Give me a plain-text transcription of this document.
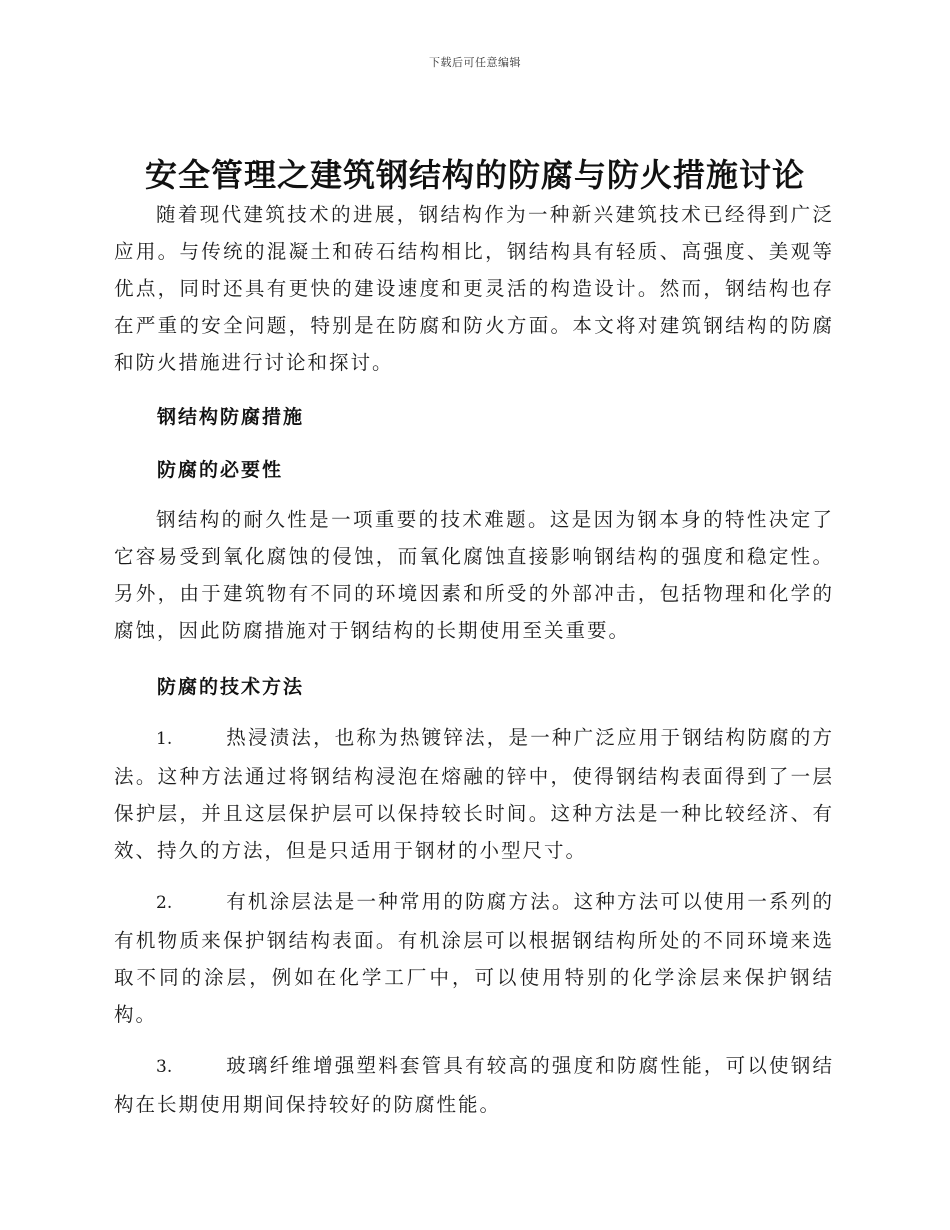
下载后可任意编辑
安全管理之建筑钢结构的防腐与防火措施讨论

随着现代建筑技术的进展，钢结构作为一种新兴建筑技术已经得到广泛应用。与传统的混凝土和砖石结构相比，钢结构具有轻质、高强度、美观等优点，同时还具有更快的建设速度和更灵活的构造设计。然而，钢结构也存在严重的安全问题，特别是在防腐和防火方面。本文将对建筑钢结构的防腐和防火措施进行讨论和探讨。

钢结构防腐措施

防腐的必要性

钢结构的耐久性是一项重要的技术难题。这是因为钢本身的特性决定了它容易受到氧化腐蚀的侵蚀，而氧化腐蚀直接影响钢结构的强度和稳定性。另外，由于建筑物有不同的环境因素和所受的外部冲击，包括物理和化学的腐蚀，因此防腐措施对于钢结构的长期使用至关重要。

防腐的技术方法

1.	热浸渍法，也称为热镀锌法，是一种广泛应用于钢结构防腐的方法。这种方法通过将钢结构浸泡在熔融的锌中，使得钢结构表面得到了一层保护层，并且这层保护层可以保持较长时间。这种方法是一种比较经济、有效、持久的方法，但是只适用于钢材的小型尺寸。

2.	有机涂层法是一种常用的防腐方法。这种方法可以使用一系列的有机物质来保护钢结构表面。有机涂层可以根据钢结构所处的不同环境来选取不同的涂层，例如在化学工厂中，可以使用特别的化学涂层来保护钢结构。

3.	玻璃纤维增强塑料套管具有较高的强度和防腐性能，可以使钢结构在长期使用期间保持较好的防腐性能。
